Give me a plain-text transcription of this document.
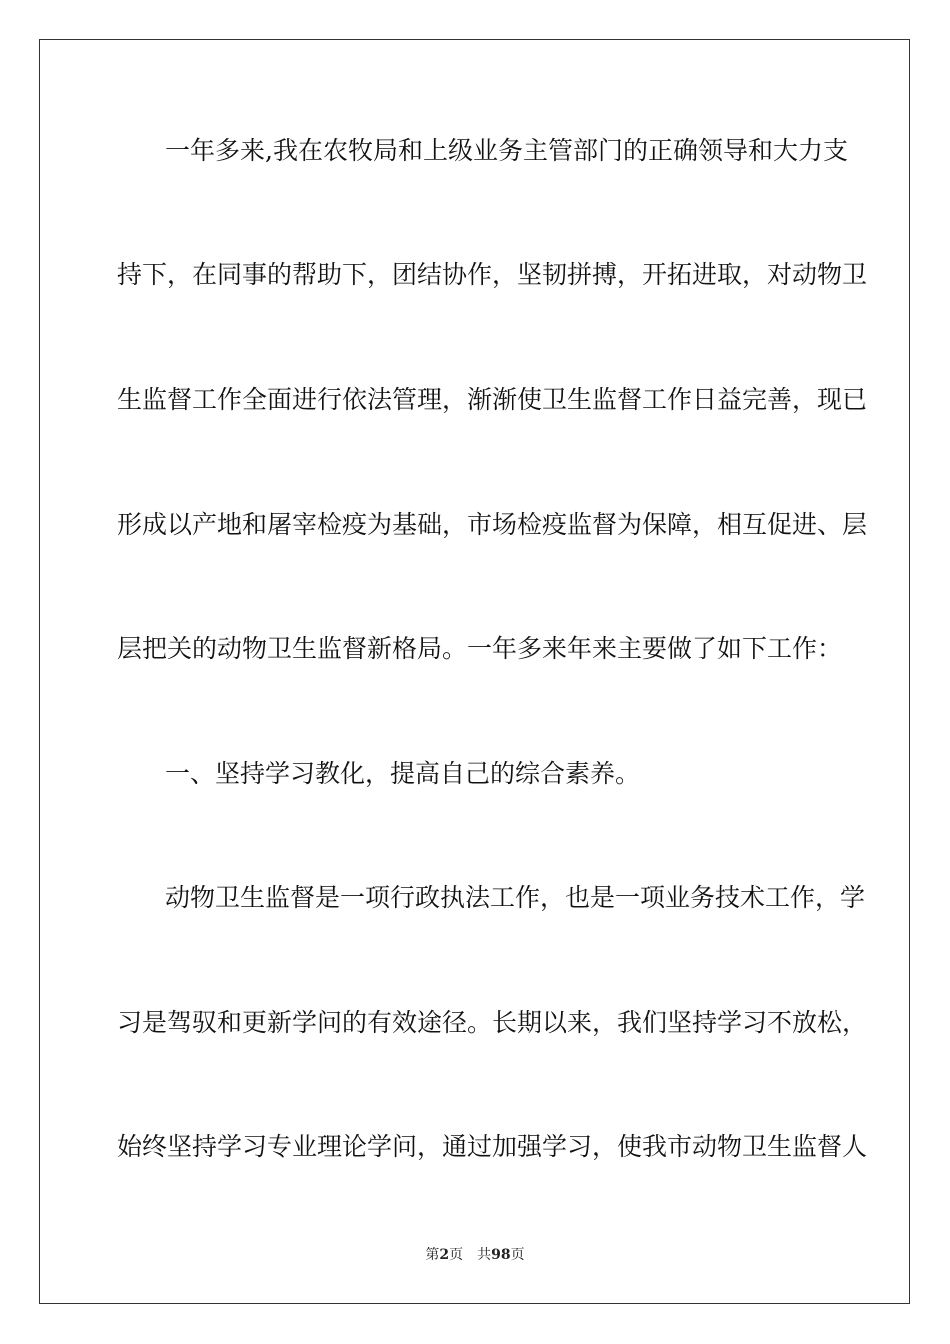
一年多来,我在农牧局和上级业务主管部门的正确领导和大力支
持下，在同事的帮助下，团结协作，坚韧拼搏，开拓进取，对动物卫
生监督工作全面进行依法管理，渐渐使卫生监督工作日益完善，现已
形成以产地和屠宰检疫为基础，市场检疫监督为保障，相互促进、层
层把关的动物卫生监督新格局。一年多来年来主要做了如下工作：
一、坚持学习教化，提高自己的综合素养。
动物卫生监督是一项行政执法工作，也是一项业务技术工作，学
习是驾驭和更新学问的有效途径。长期以来，我们坚持学习不放松，
始终坚持学习专业理论学问，通过加强学习，使我市动物卫生监督人
第2页 共98页
